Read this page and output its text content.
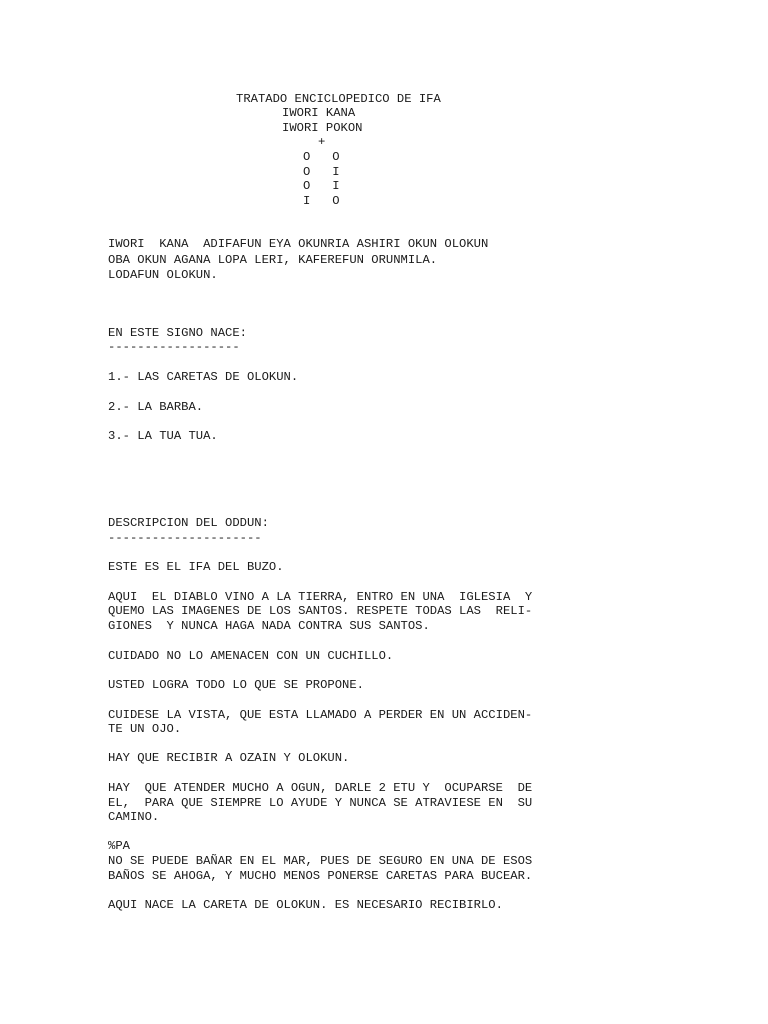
TRATADO ENCICLOPEDICO DE IFA
IWORI KANA
IWORI POKON
+
O   O
O   I
O   I
I   O
IWORI  KANA  ADIFAFUN EYA OKUNRIA ASHIRI OKUN OLOKUN
OBA OKUN AGANA LOPA LERI, KAFEREFUN ORUNMILA.
LODAFUN OLOKUN.
EN ESTE SIGNO NACE:
------------------
1.- LAS CARETAS DE OLOKUN.
2.- LA BARBA.
3.- LA TUA TUA.
DESCRIPCION DEL ODDUN:
---------------------
ESTE ES EL IFA DEL BUZO.
AQUI  EL DIABLO VINO A LA TIERRA, ENTRO EN UNA  IGLESIA  Y
QUEMO LAS IMAGENES DE LOS SANTOS. RESPETE TODAS LAS  RELI-
GIONES  Y NUNCA HAGA NADA CONTRA SUS SANTOS.
CUIDADO NO LO AMENACEN CON UN CUCHILLO.
USTED LOGRA TODO LO QUE SE PROPONE.
CUIDESE LA VISTA, QUE ESTA LLAMADO A PERDER EN UN ACCIDEN-
TE UN OJO.
HAY QUE RECIBIR A OZAIN Y OLOKUN.
HAY  QUE ATENDER MUCHO A OGUN, DARLE 2 ETU Y  OCUPARSE  DE
EL,  PARA QUE SIEMPRE LO AYUDE Y NUNCA SE ATRAVIESE EN  SU
CAMINO.
%PA
NO SE PUEDE BAÑAR EN EL MAR, PUES DE SEGURO EN UNA DE ESOS
BAÑOS SE AHOGA, Y MUCHO MENOS PONERSE CARETAS PARA BUCEAR.
AQUI NACE LA CARETA DE OLOKUN. ES NECESARIO RECIBIRLO.
